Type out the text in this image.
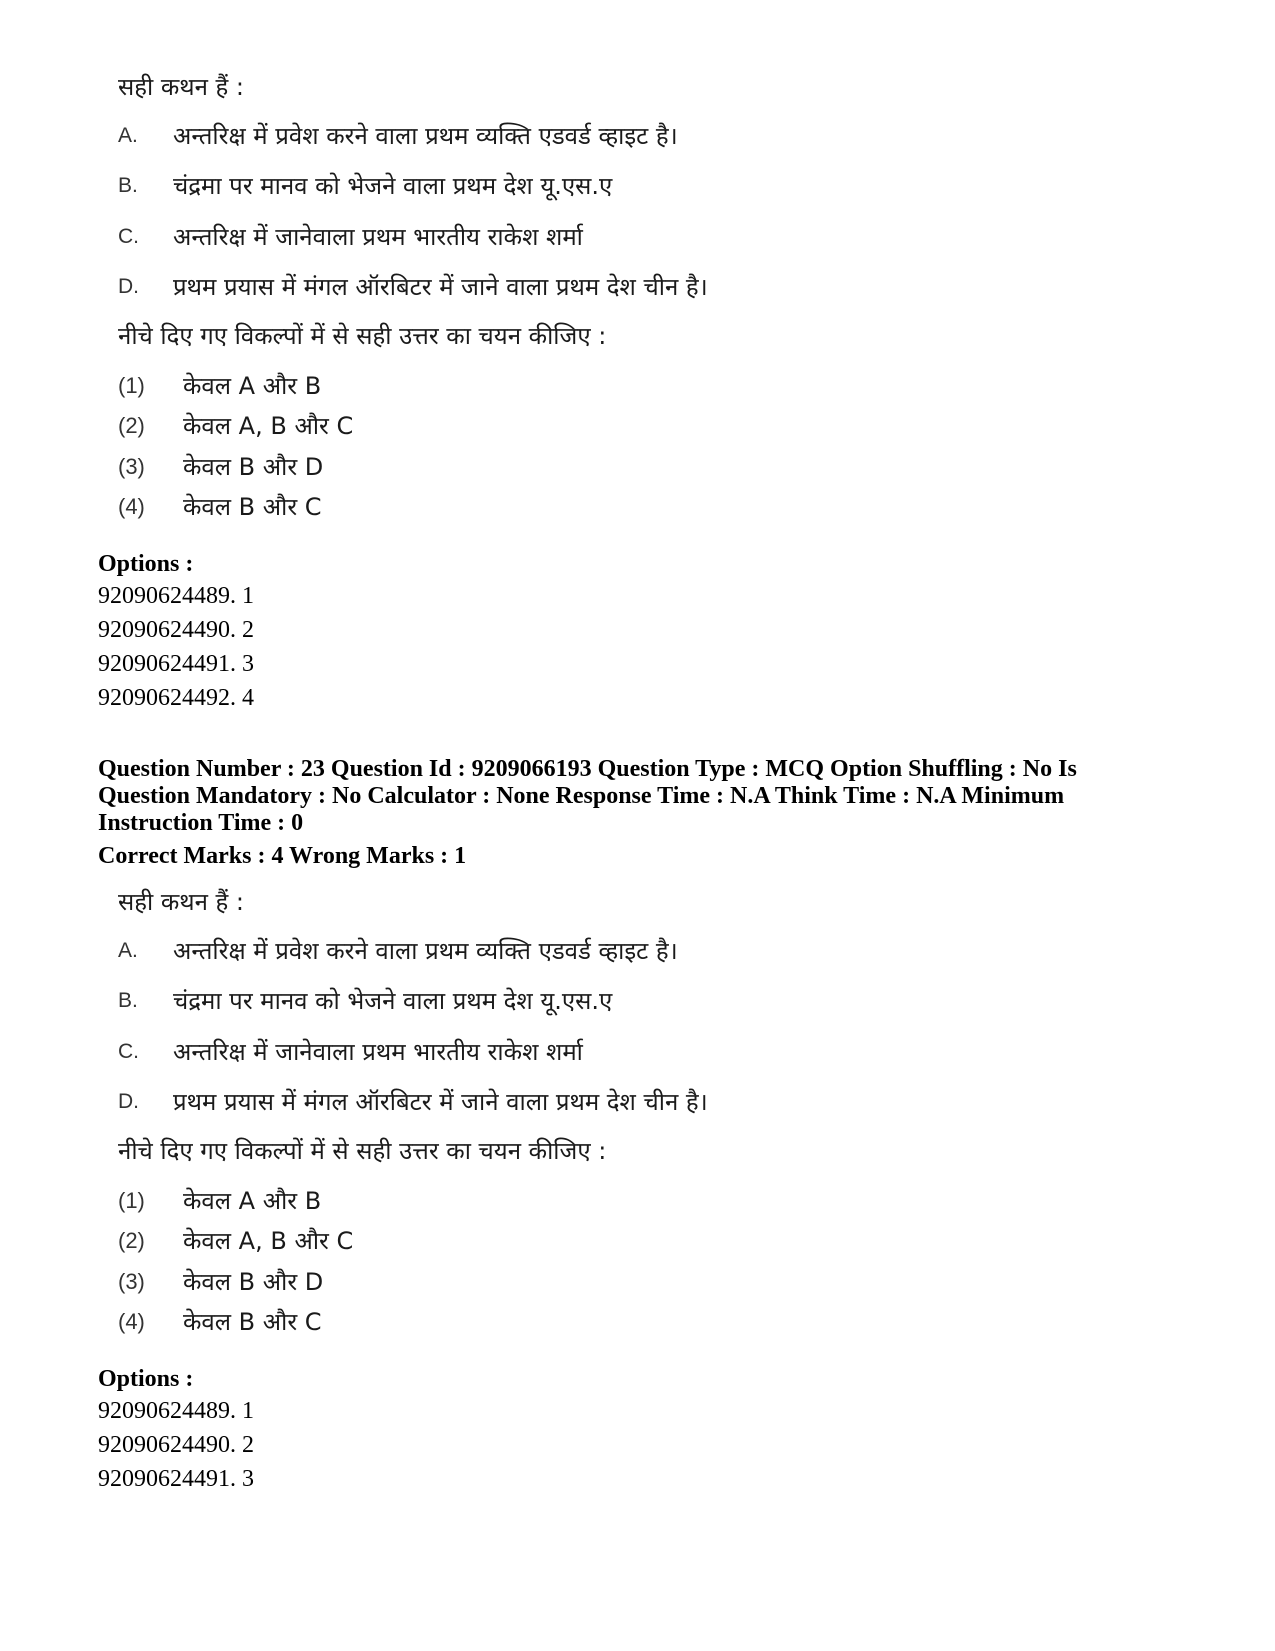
सही कथन हैं :
A. अन्तरिक्ष में प्रवेश करने वाला प्रथम व्यक्ति एडवर्ड व्हाइट है।
B. चंद्रमा पर मानव को भेजने वाला प्रथम देश यू.एस.ए
C. अन्तरिक्ष में जानेवाला प्रथम भारतीय राकेश शर्मा
D. प्रथम प्रयास में मंगल ऑरबिटर में जाने वाला प्रथम देश चीन है।
नीचे दिए गए विकल्पों में से सही उत्तर का चयन कीजिए :
(1) केवल A और B
(2) केवल A, B और C
(3) केवल B और D
(4) केवल B और C
Options :
92090624489. 1
92090624490. 2
92090624491. 3
92090624492. 4
Question Number : 23 Question Id : 9209066193 Question Type : MCQ Option Shuffling : No Is
Question Mandatory : No Calculator : None Response Time : N.A Think Time : N.A Minimum
Instruction Time : 0
Correct Marks : 4 Wrong Marks : 1
सही कथन हैं :
A. अन्तरिक्ष में प्रवेश करने वाला प्रथम व्यक्ति एडवर्ड व्हाइट है।
B. चंद्रमा पर मानव को भेजने वाला प्रथम देश यू.एस.ए
C. अन्तरिक्ष में जानेवाला प्रथम भारतीय राकेश शर्मा
D. प्रथम प्रयास में मंगल ऑरबिटर में जाने वाला प्रथम देश चीन है।
नीचे दिए गए विकल्पों में से सही उत्तर का चयन कीजिए :
(1) केवल A और B
(2) केवल A, B और C
(3) केवल B और D
(4) केवल B और C
Options :
92090624489. 1
92090624490. 2
92090624491. 3
